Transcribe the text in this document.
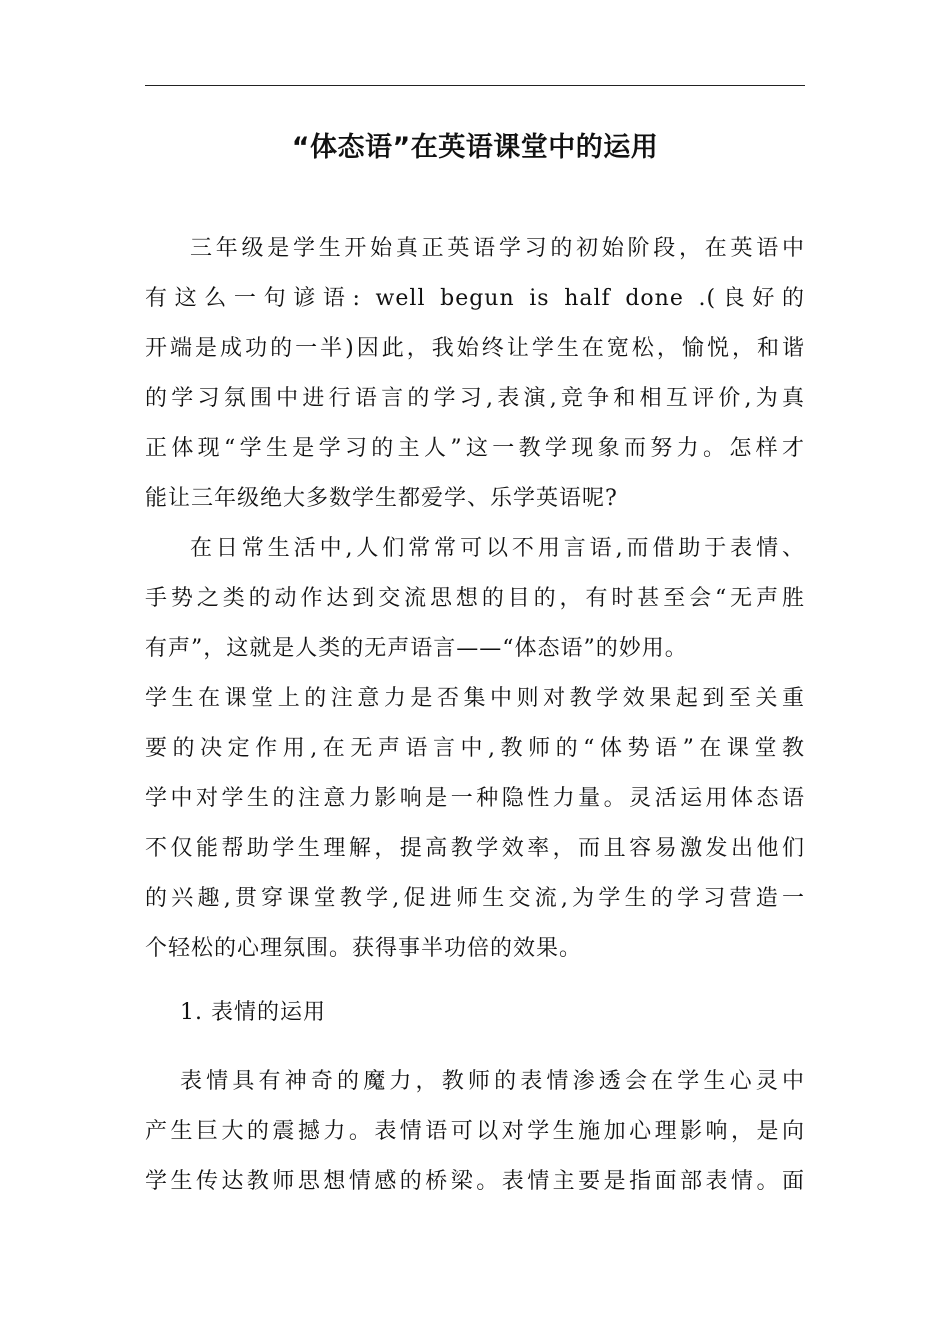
“体态语”在英语课堂中的运用
三年级是学生开始真正英语学习的初始阶段，在英语中
有这么一句谚语: well begun is half done .(良好的
开端是成功的一半)因此，我始终让学生在宽松，愉悦，和谐
的学习氛围中进行语言的学习,表演,竞争和相互评价,为真
正体现“学生是学习的主人”这一教学现象而努力。怎样才
能让三年级绝大多数学生都爱学、乐学英语呢?
在日常生活中,人们常常可以不用言语,而借助于表情、
手势之类的动作达到交流思想的目的，有时甚至会“无声胜
有声”，这就是人类的无声语言——“体态语”的妙用。
学生在课堂上的注意力是否集中则对教学效果起到至关重
要的决定作用,在无声语言中,教师的“体势语”在课堂教
学中对学生的注意力影响是一种隐性力量。灵活运用体态语
不仅能帮助学生理解，提高教学效率，而且容易激发出他们
的兴趣,贯穿课堂教学,促进师生交流,为学生的学习营造一
个轻松的心理氛围。获得事半功倍的效果。
1. 表情的运用
表情具有神奇的魔力，教师的表情渗透会在学生心灵中
产生巨大的震撼力。表情语可以对学生施加心理影响，是向
学生传达教师思想情感的桥梁。表情主要是指面部表情。面
